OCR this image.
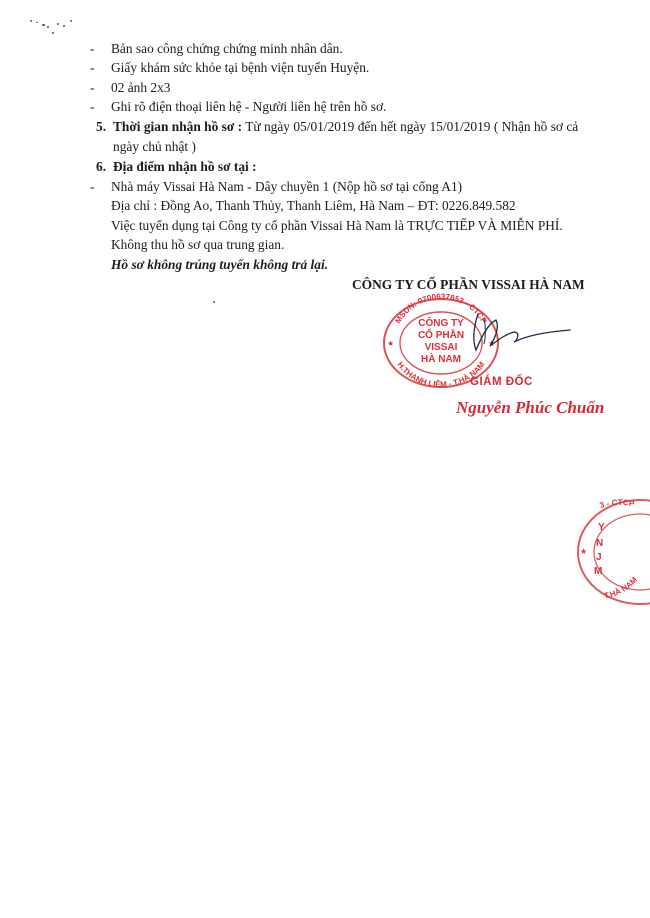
- Bản sao công chứng chứng minh nhân dân.
- Giấy khám sức khỏe tại bệnh viện tuyến Huyện.
- 02 ảnh 2x3
- Ghi rõ điện thoại liên hệ - Người liên hệ trên hồ sơ.
5. Thời gian nhận hồ sơ : Từ ngày 05/01/2019 đến hết ngày 15/01/2019 ( Nhận hồ sơ cả
ngày chủ nhật )
6. Địa điểm nhận hồ sơ tại :
- Nhà máy Vissai Hà Nam - Dây chuyền 1 (Nộp hồ sơ tại cổng A1)
Địa chỉ : Đồng Ao, Thanh Thủy, Thanh Liêm, Hà Nam – ĐT: 0226.849.582
Việc tuyển dụng tại Công ty cổ phần Vissai Hà Nam là TRỰC TIẾP VÀ MIỄN PHÍ.
Không thu hồ sơ qua trung gian.
Hồ sơ không trúng tuyển không trả lại.
CÔNG TY CỔ PHẦN VISSAI HÀ NAM
MSDN: 0700637853 - CTCP
H.THANH LIÊM - T.HÀ NAM
CÔNG TY
CỔ PHẦN
VISSAI
HÀ NAM
★	★
GIÁM ĐỐC
Nguyễn Phúc Chuẩn
3 - CTCP
T.HÀ NAM
Y
N
J
M
★
